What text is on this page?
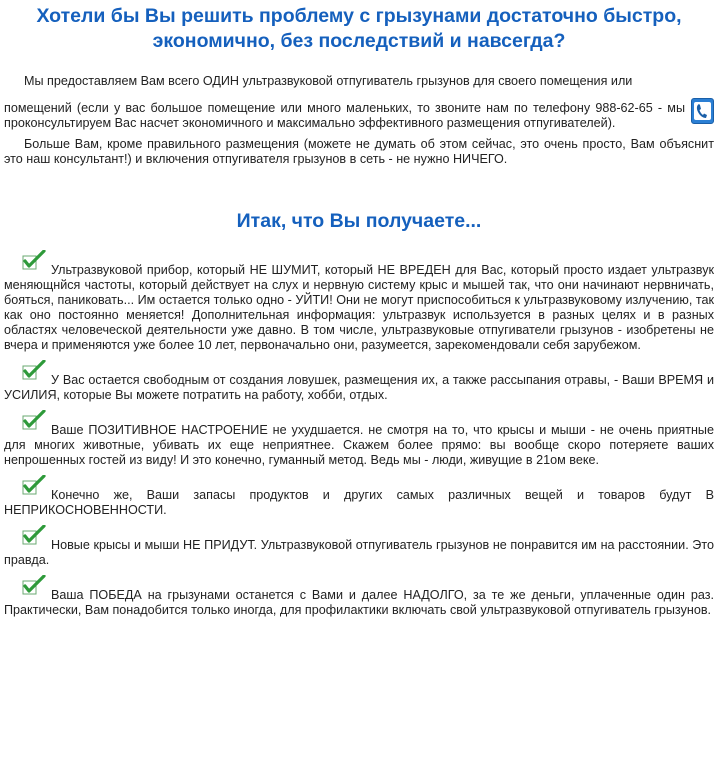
Хотели бы Вы решить проблему с грызунами достаточно быстро, экономично, без последствий и навсегда?

Мы предоставляем Вам всего ОДИН ультразвуковой отпугиватель грызунов для своего помещения или
помещений (если у вас большое помещение или много маленьких, то звоните нам по телефону 988-62-65 - мы проконсультируем Вас насчет экономичного и максимально эффективного размещения отпугивателей).

Больше Вам, кроме правильного размещения (можете не думать об этом сейчас, это очень просто, Вам объяснит это наш консультант!) и включения отпугивателя грызунов в сеть - не нужно НИЧЕГО.

Итак, что Вы получаете...

Ультразвуковой прибор, который НЕ ШУМИТ, который НЕ ВРЕДЕН для Вас, который просто издает ультразвук меняющнйся частоты, который действует на слух и нервную систему крыс и мышей так, что они начинают нервничать, бояться, паниковать... Им остается только одно - УЙТИ! Они не могут приспособиться к ультразвуковому излучению, так как оно постоянно меняется! Дополнительная информация: ультразвук используется в разных целях и в разных областях человеческой деятельности уже давно. В том числе, ультразвуковые отпугиватели грызунов - изобретены не вчера и применяются уже более 10 лет, первоначально они, разумеется, зарекомендовали себя зарубежом.

У Вас остается свободным от создания ловушек, размещения их, а также рассыпания отравы, - Ваши ВРЕМЯ и УСИЛИЯ, которые Вы можете потратить на работу, хобби, отдых.

Ваше ПОЗИТИВНОЕ НАСТРОЕНИЕ не ухудшается. не смотря на то, что крысы и мыши - не очень приятные для многих животные, убивать их еще неприятнее. Скажем более прямо: вы вообще скоро потеряете ваших непрошенных гостей из виду! И это конечно, гуманный метод. Ведь мы - люди, живущие в 21ом веке.

Конечно же, Ваши запасы продуктов и других самых различных вещей и товаров будут В НЕПРИКОСНОВЕННОСТИ.

Новые крысы и мыши НЕ ПРИДУТ. Ультразвуковой отпугиватель грызунов не понравится им на расстоянии. Это правда.

Ваша ПОБЕДА на грызунами останется с Вами и далее НАДОЛГО, за те же деньги, уплаченные один раз. Практически, Вам понадобится только иногда, для профилактики включать свой ультразвуковой отпугиватель грызунов.
